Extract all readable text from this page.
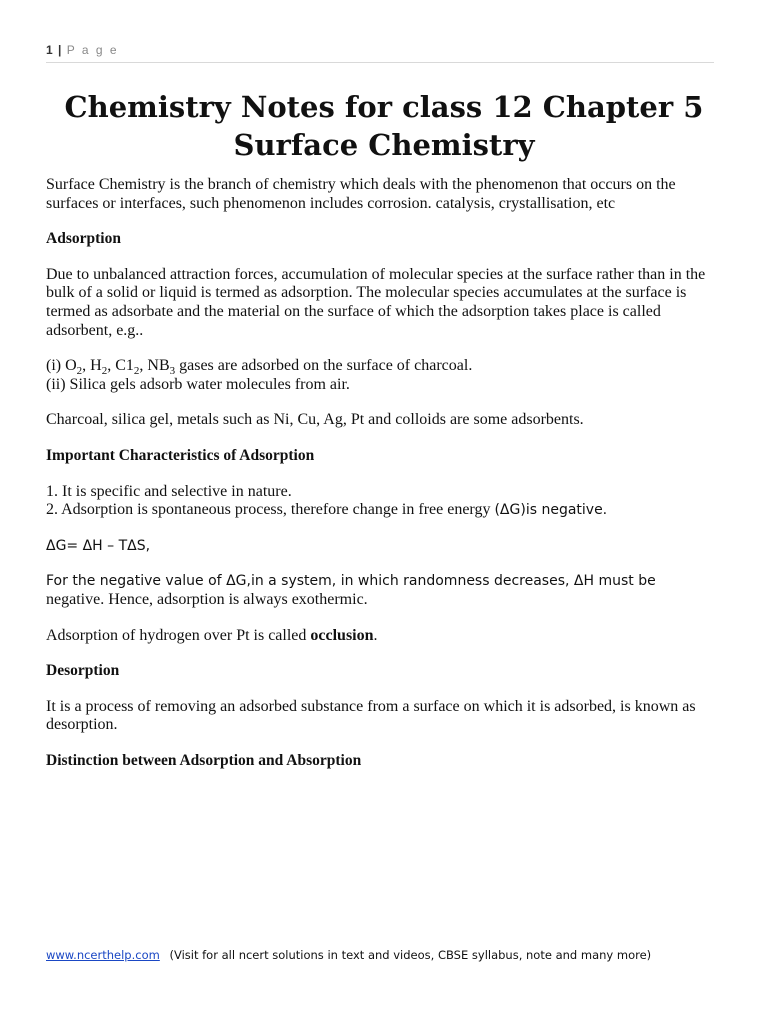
1 | P a g e
Chemistry Notes for class 12 Chapter 5
Surface Chemistry

Surface Chemistry is the branch of chemistry which deals with the phenomenon that occurs on the surfaces or interfaces, such phenomenon includes corrosion. catalysis, crystallisation, etc

Adsorption

Due to unbalanced attraction forces, accumulation of molecular species at the surface rather than in the bulk of a solid or liquid is termed as adsorption. The molecular species accumulates at the surface is termed as adsorbate and the material on the surface of which the adsorption takes place is called adsorbent, e.g..

(i) $O_2$, $H_2$, $C1_2$, $NB_3$ gases are adsorbed on the surface of charcoal.
(ii) Silica gels adsorb water molecules from air.

Charcoal, silica gel, metals such as Ni, Cu, Ag, Pt and colloids are some adsorbents.

Important Characteristics of Adsorption

1. It is specific and selective in nature.
2. Adsorption is spontaneous process, therefore change in free energy (ΔG)is negative.

ΔG= ΔH – TΔS,

For the negative value of ΔG,in a system, in which randomness decreases, ΔH must be
negative. Hence, adsorption is always exothermic.

Adsorption of hydrogen over Pt is called occlusion.

Desorption

It is a process of removing an adsorbed substance from a surface on which it is adsorbed, is known as desorption.

Distinction between Adsorption and Absorption

www.ncerthelp.com (Visit for all ncert solutions in text and videos, CBSE syllabus, note and many more)
